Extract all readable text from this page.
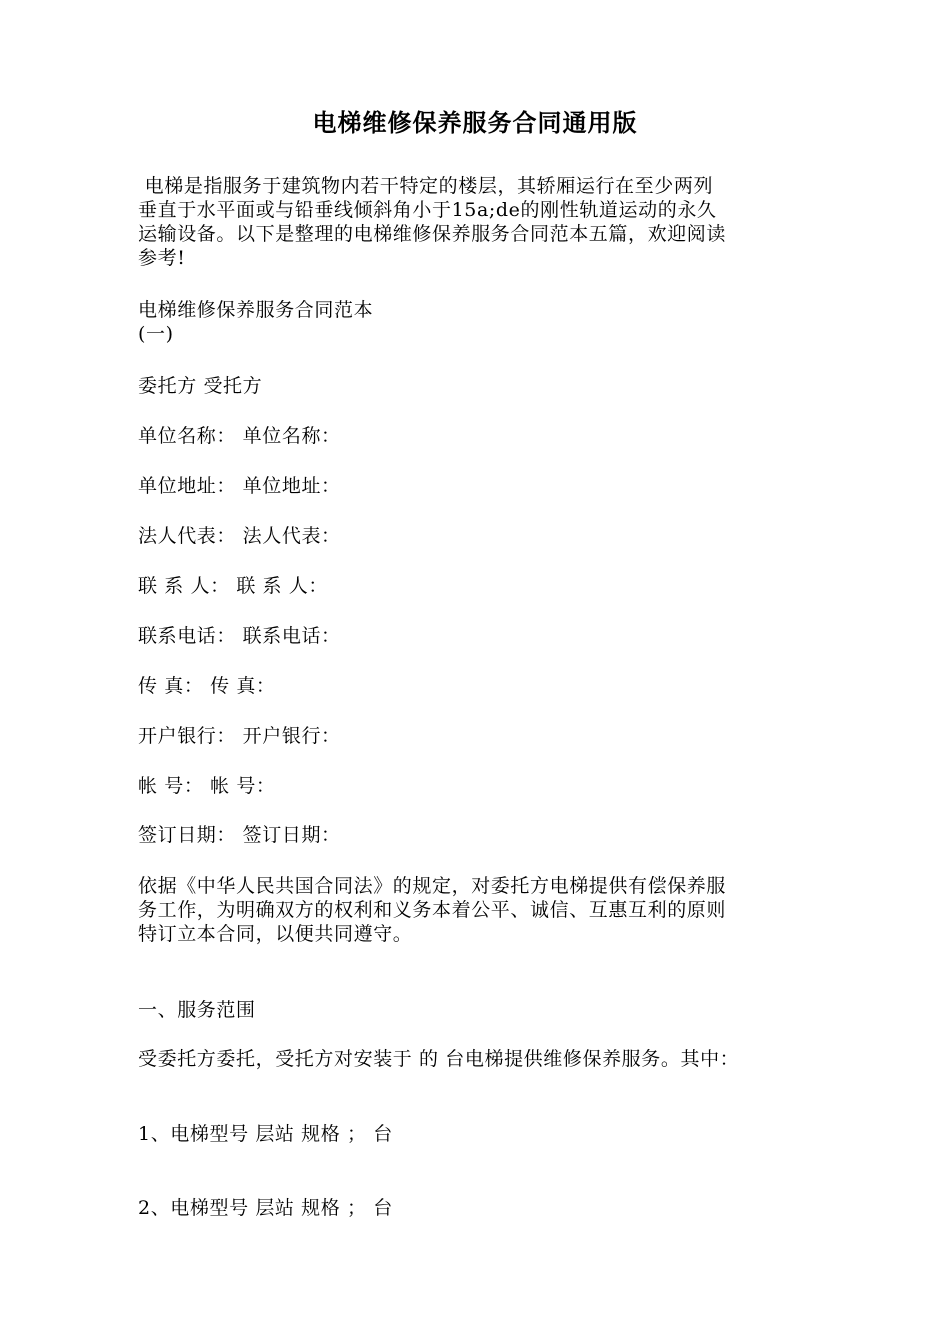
电梯维修保养服务合同通用版
电梯是指服务于建筑物内若干特定的楼层，其轿厢运行在至少两列
垂直于水平面或与铅垂线倾斜角小于15a;de的刚性轨道运动的永久
运输设备。以下是整理的电梯维修保养服务合同范本五篇，欢迎阅读
参考!
电梯维修保养服务合同范本
(一)
委托方 受托方
单位名称： 单位名称：
单位地址： 单位地址：
法人代表： 法人代表：
联 系 人： 联 系 人：
联系电话： 联系电话：
传 真： 传 真：
开户银行： 开户银行：
帐 号： 帐 号：
签订日期： 签订日期：
依据《中华人民共国合同法》的规定，对委托方电梯提供有偿保养服
务工作，为明确双方的权利和义务本着公平、诚信、互惠互利的原则
特订立本合同，以便共同遵守。
一、服务范围
受委托方委托，受托方对安装于 的 台电梯提供维修保养服务。其中：
1、电梯型号 层站 规格 ； 台
2、电梯型号 层站 规格 ； 台
